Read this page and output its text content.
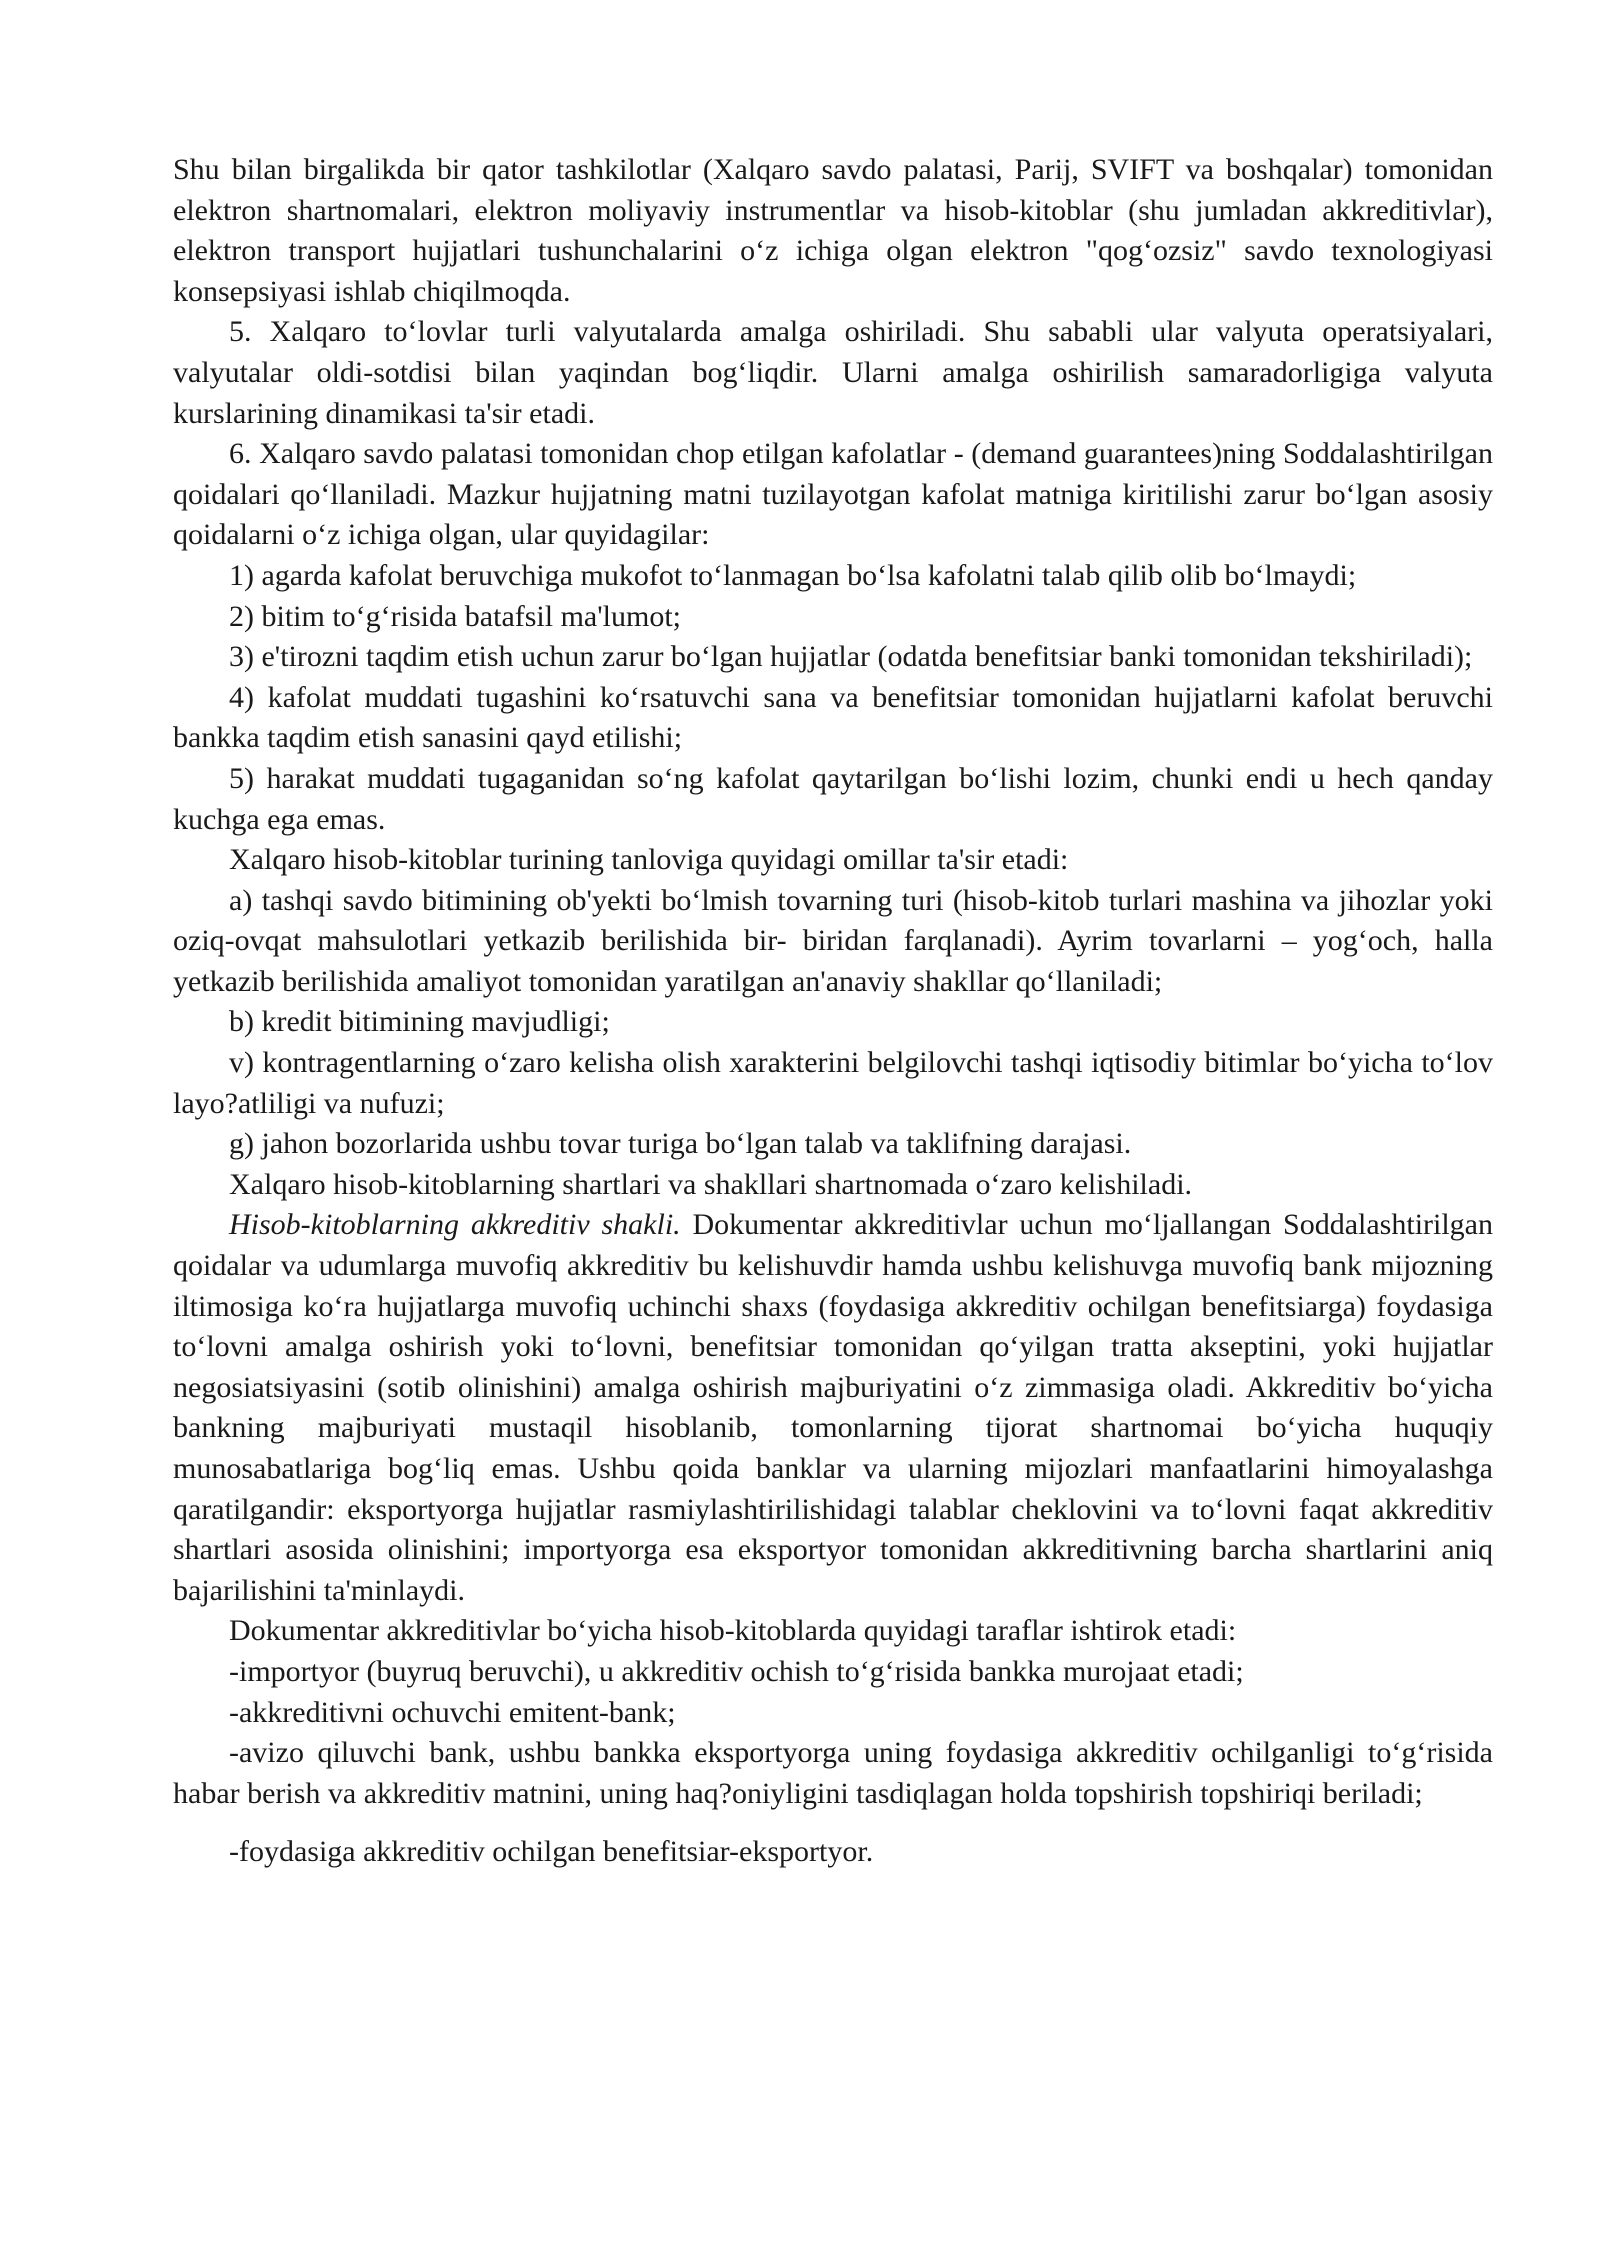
Shu bilan birgalikda bir qator tashkilotlar (Xalqaro savdo palatasi, Parij, SVIFT va boshqalar) tomonidan elektron shartnomalari, elektron moliyaviy instrumentlar va hisob-kitoblar (shu jumladan akkreditivlar), elektron transport hujjatlari tushunchalarini o‘z ichiga olgan elektron "qog‘ozsiz" savdo texnologiyasi konsepsiyasi ishlab chiqilmoqda.

5. Xalqaro to‘lovlar turli valyutalarda amalga oshiriladi. Shu sababli ular valyuta operatsiyalari, valyutalar oldi-sotdisi bilan yaqindan bog‘liqdir. Ularni amalga oshirilish samaradorligiga valyuta kurslarining dinamikasi ta'sir etadi.

6. Xalqaro savdo palatasi tomonidan chop etilgan kafolatlar - (demand guarantees)ning Soddalashtirilgan qoidalari qo‘llaniladi. Mazkur hujjatning matni tuzilayotgan kafolat matniga kiritilishi zarur bo‘lgan asosiy qoidalarni o‘z ichiga olgan, ular quyidagilar:

1) agarda kafolat beruvchiga mukofot to‘lanmagan bo‘lsa kafolatni talab qilib olib bo‘lmaydi;

2) bitim to‘g‘risida batafsil ma'lumot;

3) e'tirozni taqdim etish uchun zarur bo‘lgan hujjatlar (odatda benefitsiar banki tomonidan tekshiriladi);

4) kafolat muddati tugashini ko‘rsatuvchi sana va benefitsiar tomonidan hujjatlarni kafolat beruvchi bankka taqdim etish sanasini qayd etilishi;

5) harakat muddati tugaganidan so‘ng kafolat qaytarilgan bo‘lishi lozim, chunki endi u hech qanday kuchga ega emas.

Xalqaro hisob-kitoblar turining tanloviga quyidagi omillar ta'sir etadi:

a) tashqi savdo bitimining ob'yekti bo‘lmish tovarning turi (hisob-kitob turlari mashina va jihozlar yoki oziq-ovqat mahsulotlari yetkazib berilishida bir- biridan farqlanadi). Ayrim tovarlarni – yog‘och, halla yetkazib berilishida amaliyot tomonidan yaratilgan an'anaviy shakllar qo‘llaniladi;

b) kredit bitimining mavjudligi;

v) kontragentlarning o‘zaro kelisha olish xarakterini belgilovchi tashqi iqtisodiy bitimlar bo‘yicha to‘lov layo?atliligi va nufuzi;

g) jahon bozorlarida ushbu tovar turiga bo‘lgan talab va taklifning darajasi.

Xalqaro hisob-kitoblarning shartlari va shakllari shartnomada o‘zaro kelishiladi.

Hisob-kitoblarning akkreditiv shakli. Dokumentar akkreditivlar uchun mo‘ljallangan Soddalashtirilgan qoidalar va udumlarga muvofiq akkreditiv bu kelishuvdir hamda ushbu kelishuvga muvofiq bank mijozning iltimosiga ko‘ra hujjatlarga muvofiq uchinchi shaxs (foydasiga akkreditiv ochilgan benefitsiarga) foydasiga to‘lovni amalga oshirish yoki to‘lovni, benefitsiar tomonidan qo‘yilgan tratta akseptini, yoki hujjatlar negosiatsiyasini (sotib olinishini) amalga oshirish majburiyatini o‘z zimmasiga oladi. Akkreditiv bo‘yicha bankning majburiyati mustaqil hisoblanib, tomonlarning tijorat shartnomai bo‘yicha huquqiy munosabatlariga bog‘liq emas. Ushbu qoida banklar va ularning mijozlari manfaatlarini himoyalashga qaratilgandir: eksportyorga hujjatlar rasmiylashtirilishidagi talablar cheklovini va to‘lovni faqat akkreditiv shartlari asosida olinishini; importyorga esa eksportyor tomonidan akkreditivning barcha shartlarini aniq bajarilishini ta'minlaydi.

Dokumentar akkreditivlar bo‘yicha hisob-kitoblarda quyidagi taraflar ishtirok etadi:

-importyor (buyruq beruvchi), u akkreditiv ochish to‘g‘risida bankka murojaat etadi;

-akkreditivni ochuvchi emitent-bank;

-avizo qiluvchi bank, ushbu bankka eksportyorga uning foydasiga akkreditiv ochilganligi to‘g‘risida habar berish va akkreditiv matnini, uning haq?oniyligini tasdiqlagan holda topshirish topshiriqi beriladi;

-foydasiga akkreditiv ochilgan benefitsiar-eksportyor.
